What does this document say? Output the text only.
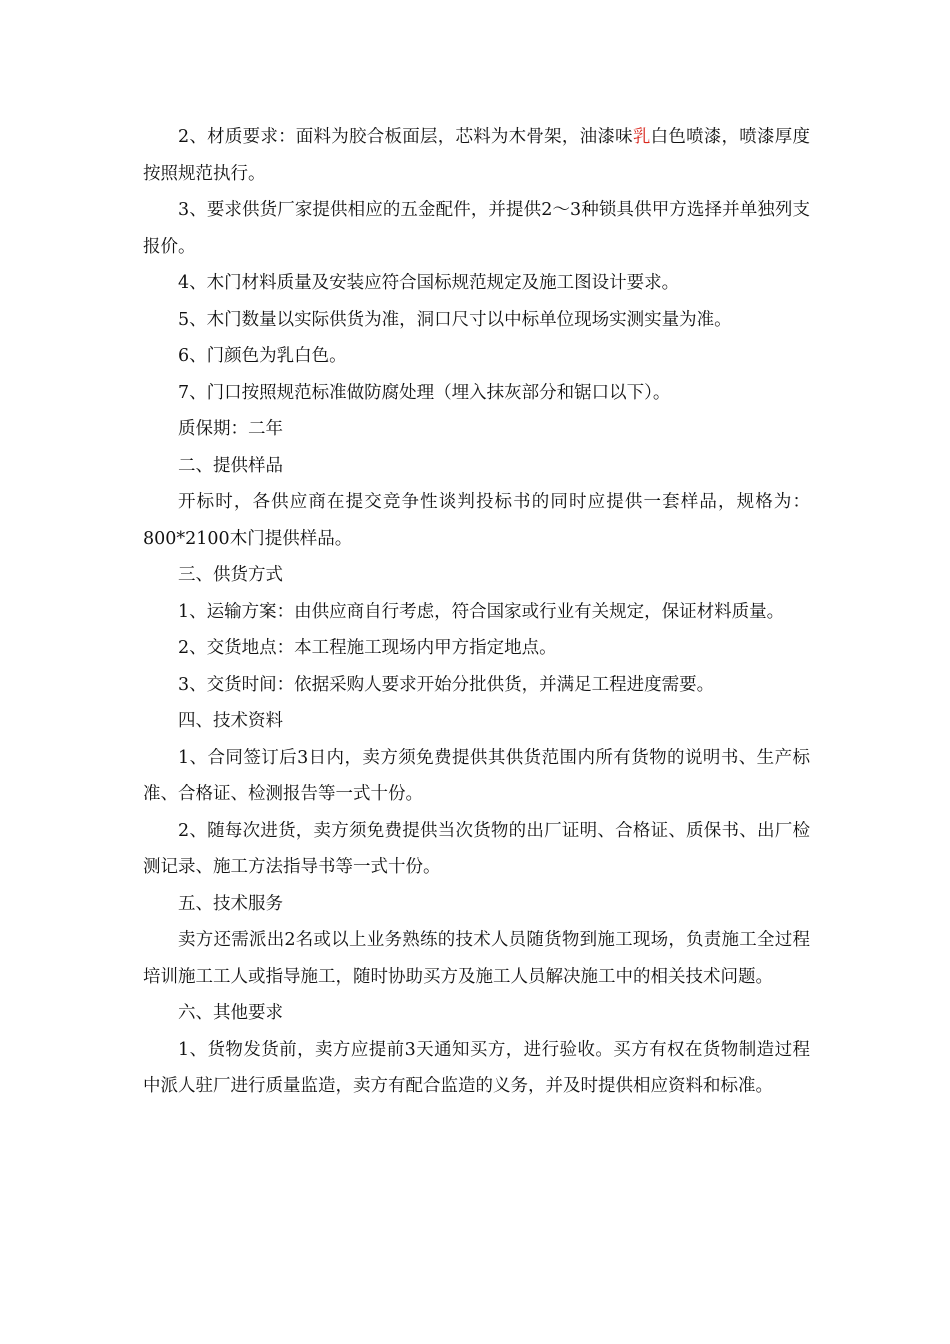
2、材质要求：面料为胶合板面层，芯料为木骨架，油漆味乳白色喷漆，喷漆厚度按照规范执行。

3、要求供货厂家提供相应的五金配件，并提供2～3种锁具供甲方选择并单独列支报价。

4、木门材料质量及安装应符合国标规范规定及施工图设计要求。

5、木门数量以实际供货为准，洞口尺寸以中标单位现场实测实量为准。

6、门颜色为乳白色。

7、门口按照规范标准做防腐处理（埋入抹灰部分和锯口以下）。

质保期：二年

二、提供样品

开标时，各供应商在提交竞争性谈判投标书的同时应提供一套样品，规格为：800*2100木门提供样品。

三、供货方式

1、运输方案：由供应商自行考虑，符合国家或行业有关规定，保证材料质量。

2、交货地点：本工程施工现场内甲方指定地点。

3、交货时间：依据采购人要求开始分批供货，并满足工程进度需要。

四、技术资料

1、合同签订后3日内，卖方须免费提供其供货范围内所有货物的说明书、生产标准、合格证、检测报告等一式十份。

2、随每次进货，卖方须免费提供当次货物的出厂证明、合格证、质保书、出厂检测记录、施工方法指导书等一式十份。

五、技术服务

卖方还需派出2名或以上业务熟练的技术人员随货物到施工现场，负责施工全过程培训施工工人或指导施工，随时协助买方及施工人员解决施工中的相关技术问题。

六、其他要求

1、货物发货前，卖方应提前3天通知买方，进行验收。买方有权在货物制造过程中派人驻厂进行质量监造，卖方有配合监造的义务，并及时提供相应资料和标准。
